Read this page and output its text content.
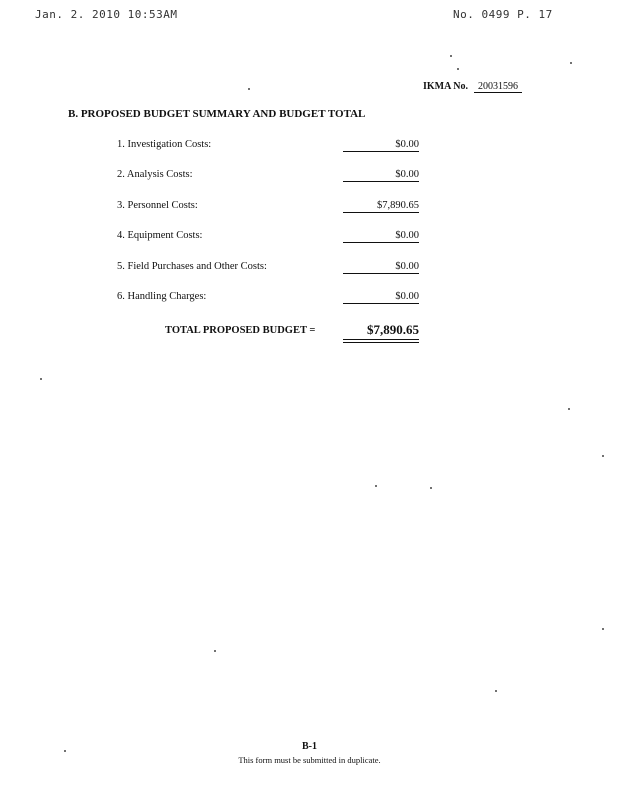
Jan. 2. 2010 10:53AM	No. 0499 P. 17
IKMA No. 20031596
B. PROPOSED BUDGET SUMMARY AND BUDGET TOTAL
1. Investigation Costs:	$0.00
2. Analysis Costs:	$0.00
3. Personnel Costs:	$7,890.65
4. Equipment Costs:	$0.00
5. Field Purchases and Other Costs:	$0.00
6. Handling Charges:	$0.00
TOTAL PROPOSED BUDGET =	$7,890.65
B-1
This form must be submitted in duplicate.
